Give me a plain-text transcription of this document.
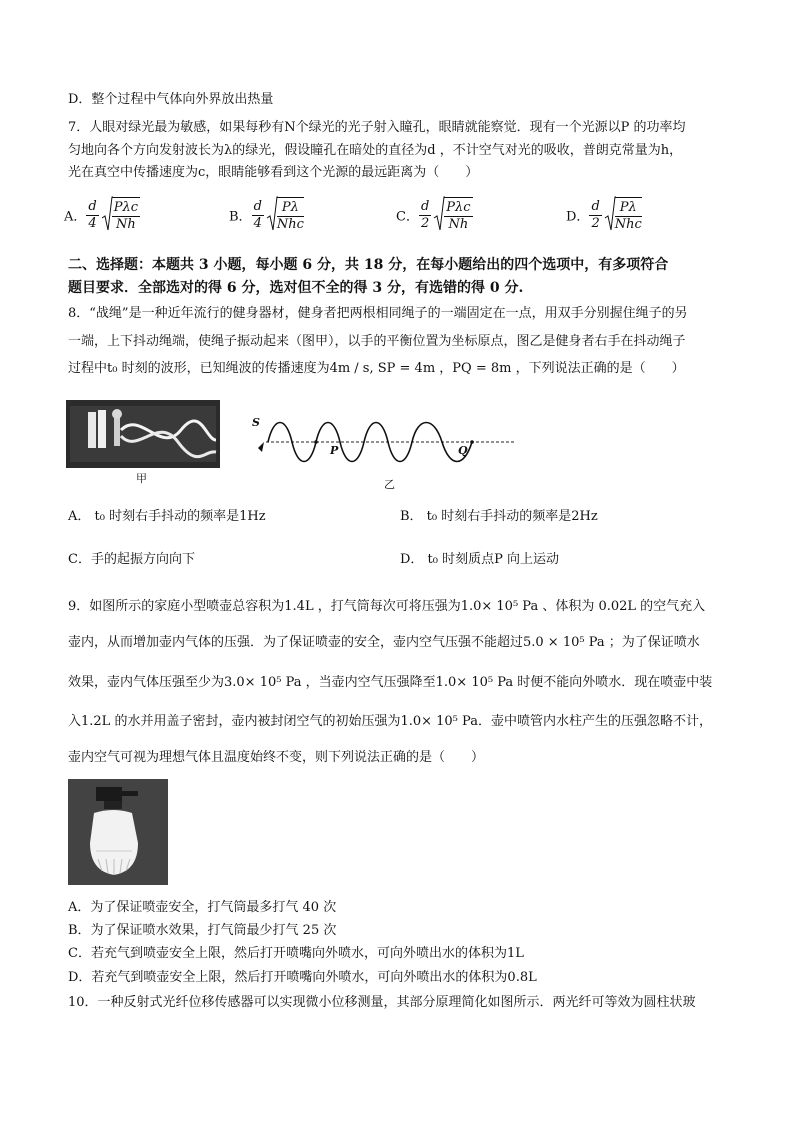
D．整个过程中气体向外界放出热量
7．人眼对绿光最为敏感，如果每秒有N个绿光的光子射入瞳孔，眼睛就能察觉．现有一个光源以P 的功率均
匀地向各个方向发射波长为λ的绿光，假设瞳孔在暗处的直径为d ，不计空气对光的吸收，普朗克常量为h，
光在真空中传播速度为c，眼睛能够看到这个光源的最远距离为（　　）
A． $\frac{d}{4} \frac{\text{Pλc}}{Nh}$	B． $\frac{d}{4} \frac{P\lambda}{\text{Nhc}}$	C． $\frac{d}{2} \frac{\text{Pλc}}{Nh}$	D． $\frac{d}{2} \frac{P\lambda}{\text{Nhc}}$
二、选择题：本题共 3 小题，每小题 6 分，共 18 分，在每小题给出的四个选项中，有多项符合
题目要求．全部选对的得 6 分，选对但不全的得 3 分，有选错的得 0 分.
8．“战绳”是一种近年流行的健身器材，健身者把两根相同绳子的一端固定在一点，用双手分别握住绳子的另
一端，上下抖动绳端，使绳子振动起来（图甲），以手的平衡位置为坐标原点，图乙是健身者右手在抖动绳子
过程中t₀ 时刻的波形，已知绳波的传播速度为4m / s, SP = 4m ，PQ = 8m ，下列说法正确的是（　　）
甲
S
P	Q
乙
A． t₀ 时刻右手抖动的频率是1Hz	B． t₀ 时刻右手抖动的频率是2Hz
C．手的起振方向向下	D． t₀ 时刻质点P 向上运动
9．如图所示的家庭小型喷壶总容积为1.4L ，打气筒每次可将压强为1.0× 10⁵ Pa 、体积为 0.02L 的空气充入
壶内，从而增加壶内气体的压强．为了保证喷壶的安全，壶内空气压强不能超过5.0 × 10⁵ Pa ；为了保证喷水
效果，壶内气体压强至少为3.0× 10⁵ Pa ，当壶内空气压强降至1.0× 10⁵ Pa 时便不能向外喷水．现在喷壶中装
入1.2L 的水并用盖子密封，壶内被封闭空气的初始压强为1.0× 10⁵ Pa．壶中喷管内水柱产生的压强忽略不计，
壶内空气可视为理想气体且温度始终不变，则下列说法正确的是（　　）
A．为了保证喷壶安全，打气筒最多打气 40 次
B．为了保证喷水效果，打气筒最少打气 25 次
C．若充气到喷壶安全上限，然后打开喷嘴向外喷水，可向外喷出水的体积为1L
D．若充气到喷壶安全上限，然后打开喷嘴向外喷水，可向外喷出水的体积为0.8L
10．一种反射式光纤位移传感器可以实现微小位移测量，其部分原理简化如图所示．两光纤可等效为圆柱状玻
